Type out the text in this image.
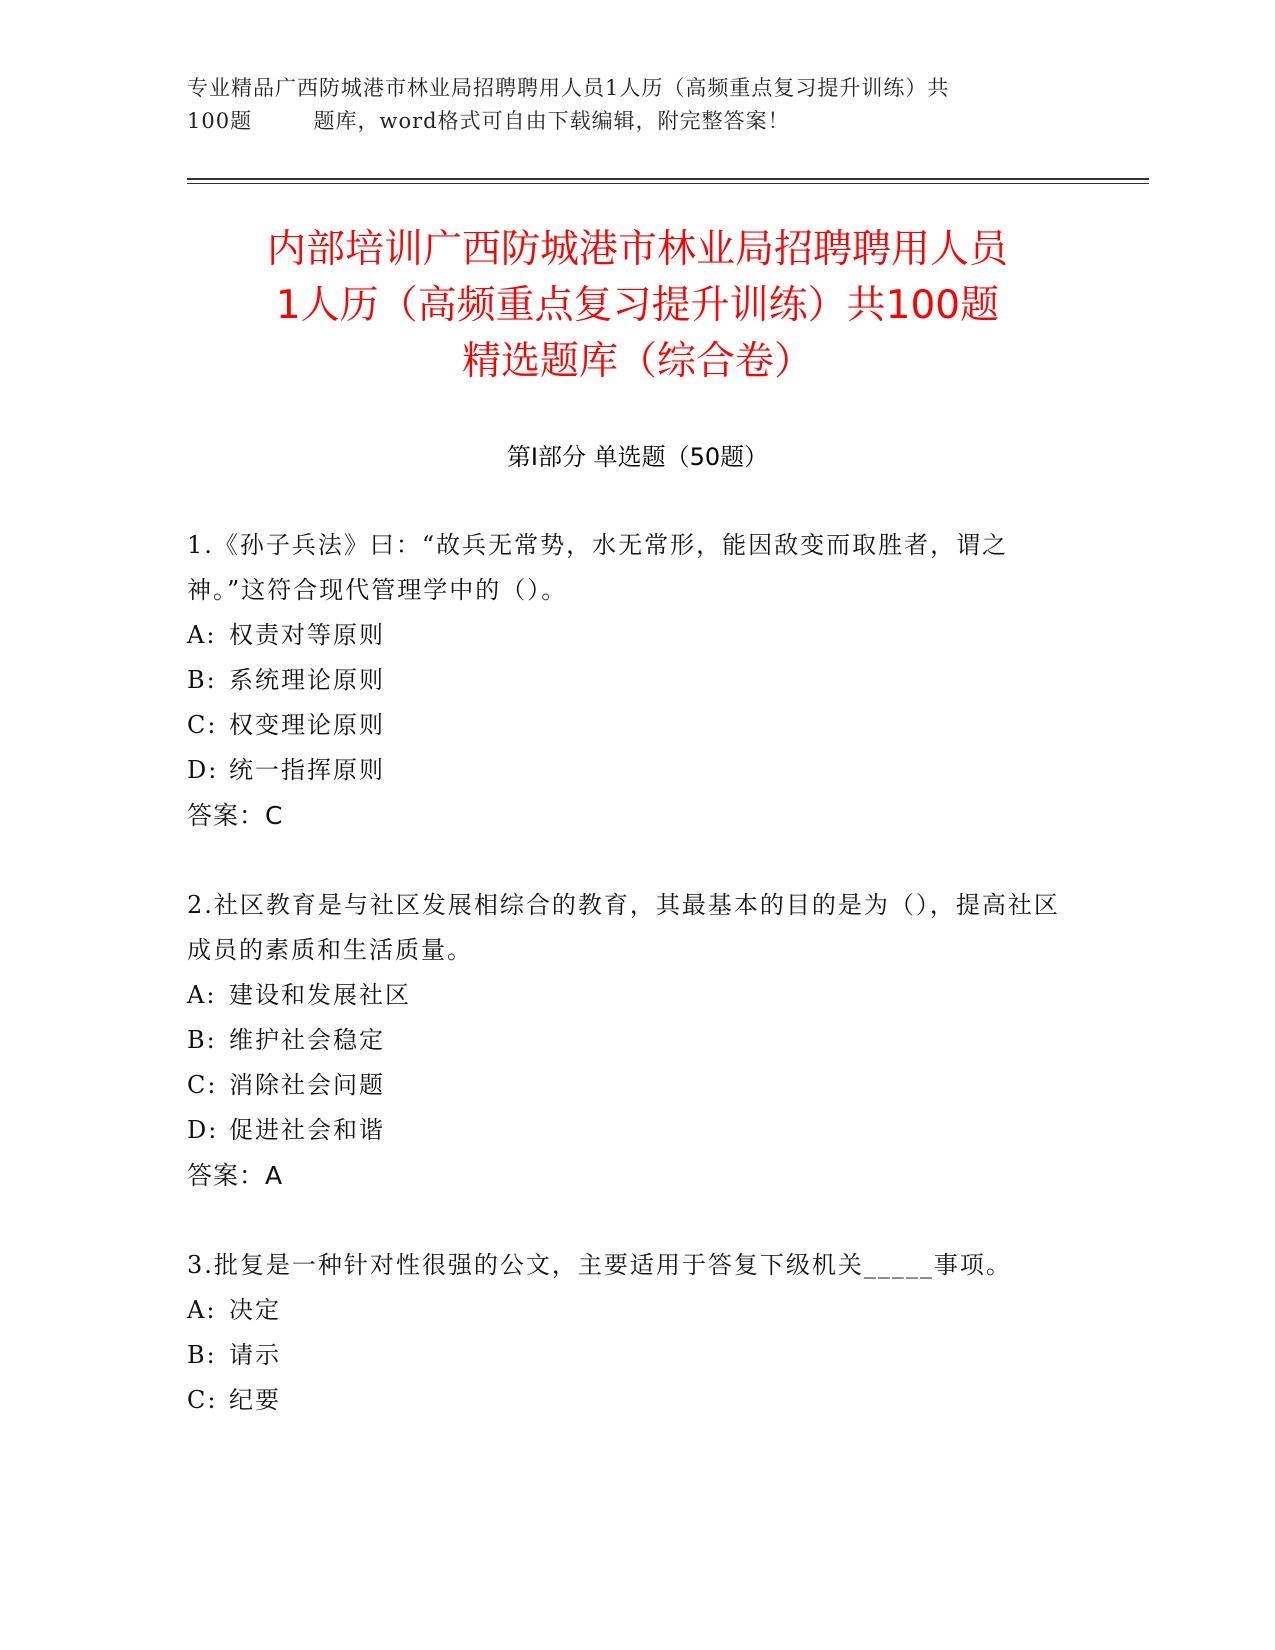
专业精品广西防城港市林业局招聘聘用人员1人历（高频重点复习提升训练）共
100题        题库，word格式可自由下载编辑，附完整答案！
内部培训广西防城港市林业局招聘聘用人员
1人历（高频重点复习提升训练）共100题
精选题库（综合卷）
第Ⅰ部分 单选题（50题）
1.《孙子兵法》曰：“故兵无常势，水无常形，能因敌变而取胜者，谓之神。”这符合现代管理学中的（）。
A: 权责对等原则
B: 系统理论原则
C: 权变理论原则
D: 统一指挥原则
答案：C
2.社区教育是与社区发展相综合的教育，其最基本的目的是为（），提高社区成员的素质和生活质量。
A: 建设和发展社区
B: 维护社会稳定
C: 消除社会问题
D: 促进社会和谐
答案：A
3.批复是一种针对性很强的公文，主要适用于答复下级机关_____事项。
A: 决定
B: 请示
C: 纪要
